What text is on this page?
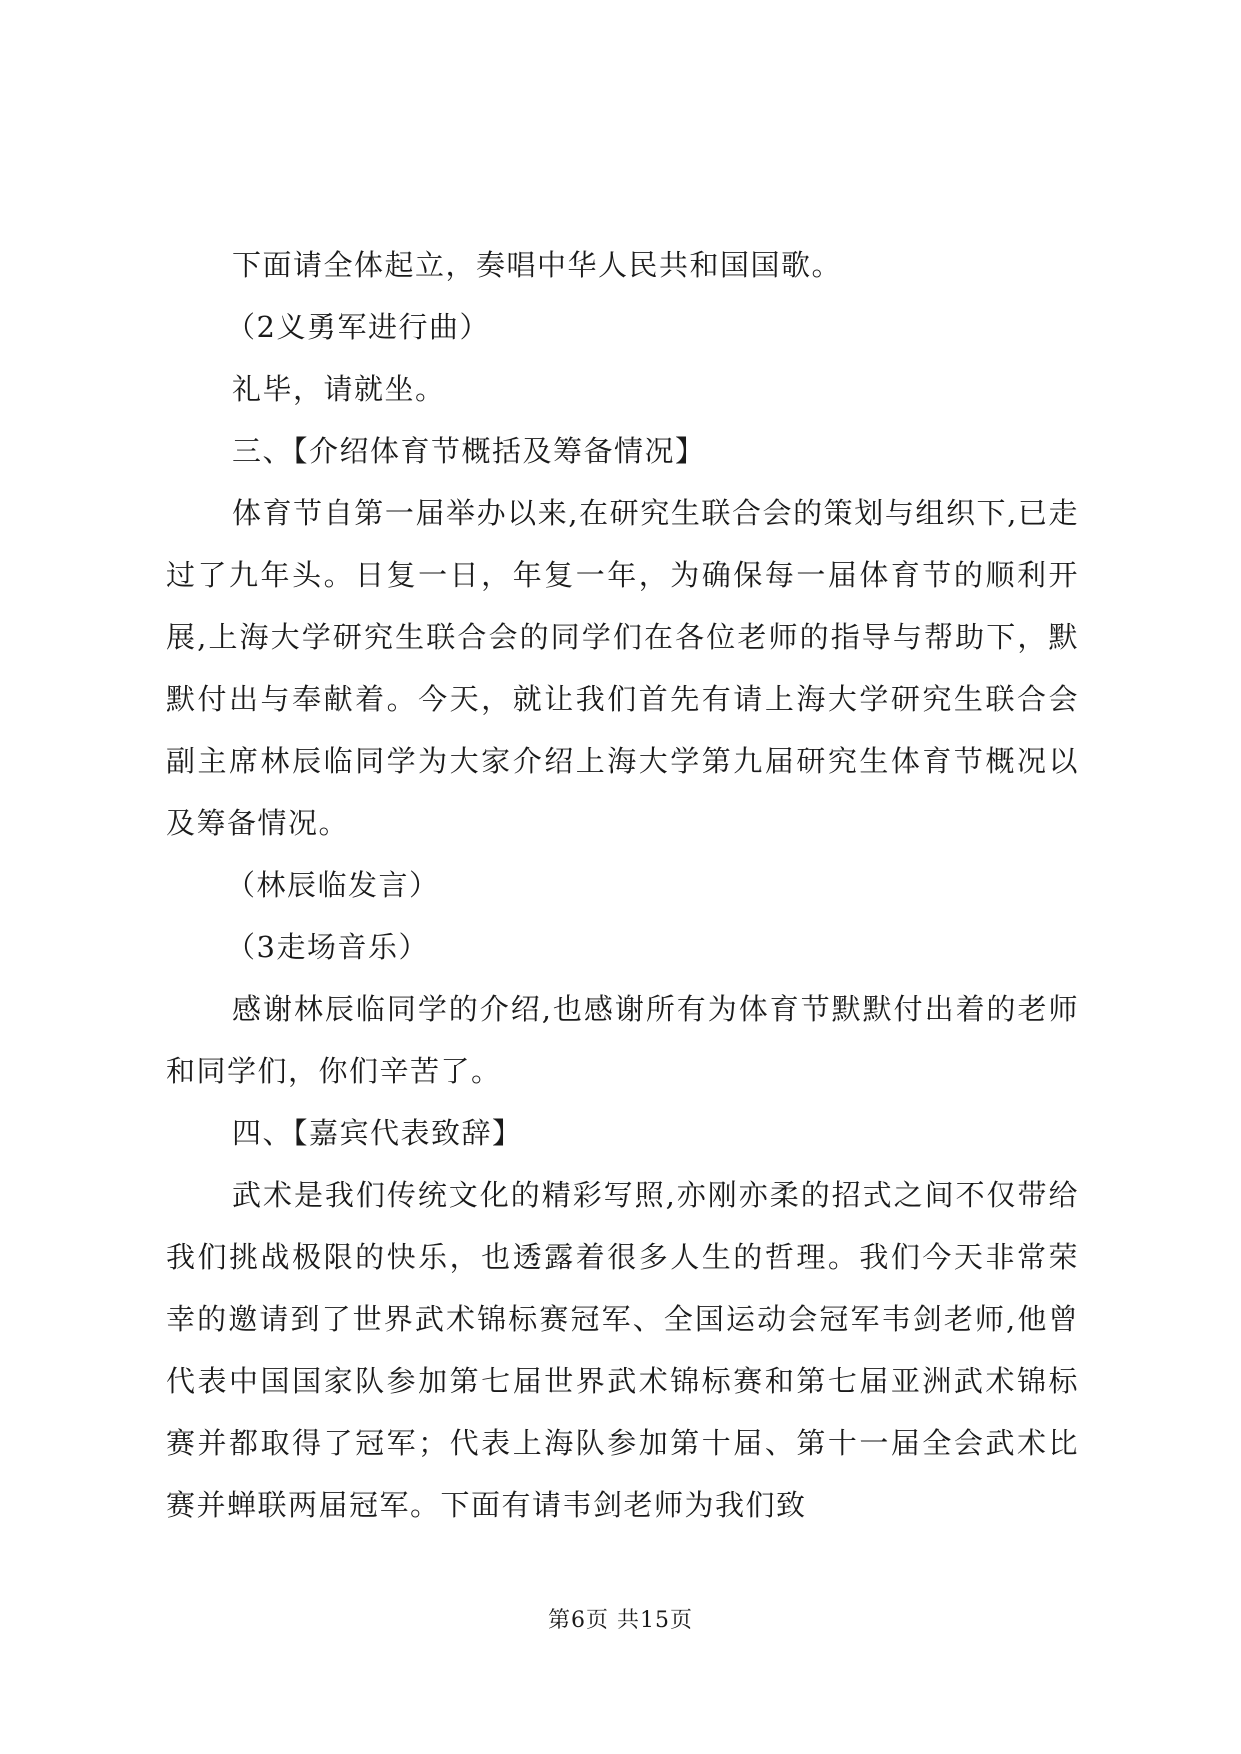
下面请全体起立，奏唱中华人民共和国国歌。

（2义勇军进行曲）

礼毕，请就坐。

三、【介绍体育节概括及筹备情况】

体育节自第一届举办以来,在研究生联合会的策划与组织下,已走过了九年头。日复一日，年复一年，为确保每一届体育节的顺利开展,上海大学研究生联合会的同学们在各位老师的指导与帮助下，默默付出与奉献着。今天，就让我们首先有请上海大学研究生联合会副主席林辰临同学为大家介绍上海大学第九届研究生体育节概况以及筹备情况。

（林辰临发言）

（3走场音乐）

感谢林辰临同学的介绍,也感谢所有为体育节默默付出着的老师和同学们，你们辛苦了。

四、【嘉宾代表致辞】

武术是我们传统文化的精彩写照,亦刚亦柔的招式之间不仅带给我们挑战极限的快乐，也透露着很多人生的哲理。我们今天非常荣幸的邀请到了世界武术锦标赛冠军、全国运动会冠军韦剑老师,他曾代表中国国家队参加第七届世界武术锦标赛和第七届亚洲武术锦标赛并都取得了冠军；代表上海队参加第十届、第十一届全会武术比赛并蝉联两届冠军。下面有请韦剑老师为我们致

第6页 共15页
